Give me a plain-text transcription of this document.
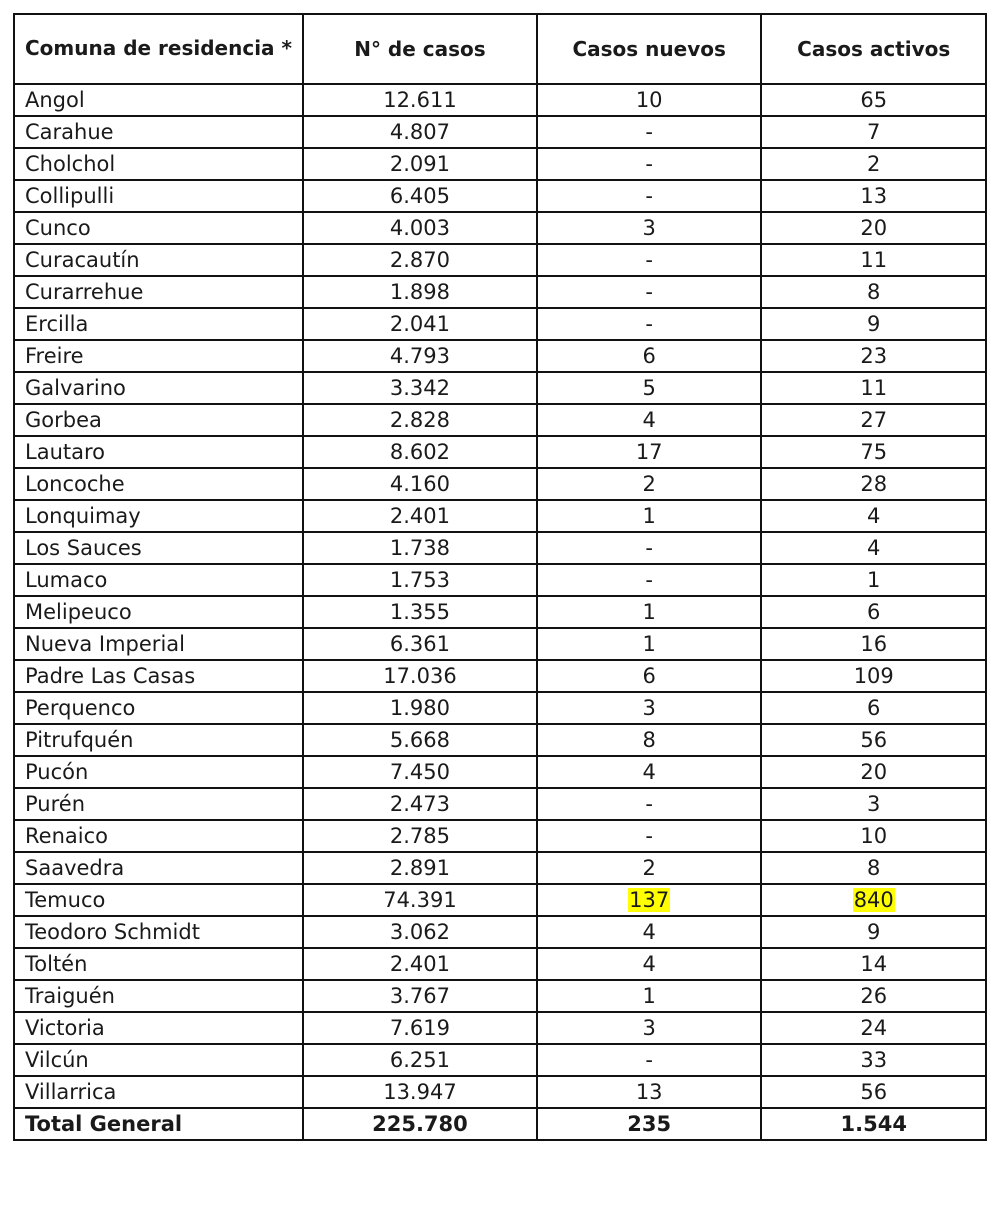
Comuna de residencia *	N° de casos	Casos nuevos	Casos activos
Angol	12.611	10	65
Carahue	4.807	-	7
Cholchol	2.091	-	2
Collipulli	6.405	-	13
Cunco	4.003	3	20
Curacautín	2.870	-	11
Curarrehue	1.898	-	8
Ercilla	2.041	-	9
Freire	4.793	6	23
Galvarino	3.342	5	11
Gorbea	2.828	4	27
Lautaro	8.602	17	75
Loncoche	4.160	2	28
Lonquimay	2.401	1	4
Los Sauces	1.738	-	4
Lumaco	1.753	-	1
Melipeuco	1.355	1	6
Nueva Imperial	6.361	1	16
Padre Las Casas	17.036	6	109
Perquenco	1.980	3	6
Pitrufquén	5.668	8	56
Pucón	7.450	4	20
Purén	2.473	-	3
Renaico	2.785	-	10
Saavedra	2.891	2	8
Temuco	74.391	137	840
Teodoro Schmidt	3.062	4	9
Toltén	2.401	4	14
Traiguén	3.767	1	26
Victoria	7.619	3	24
Vilcún	6.251	-	33
Villarrica	13.947	13	56
Total General	225.780	235	1.544
